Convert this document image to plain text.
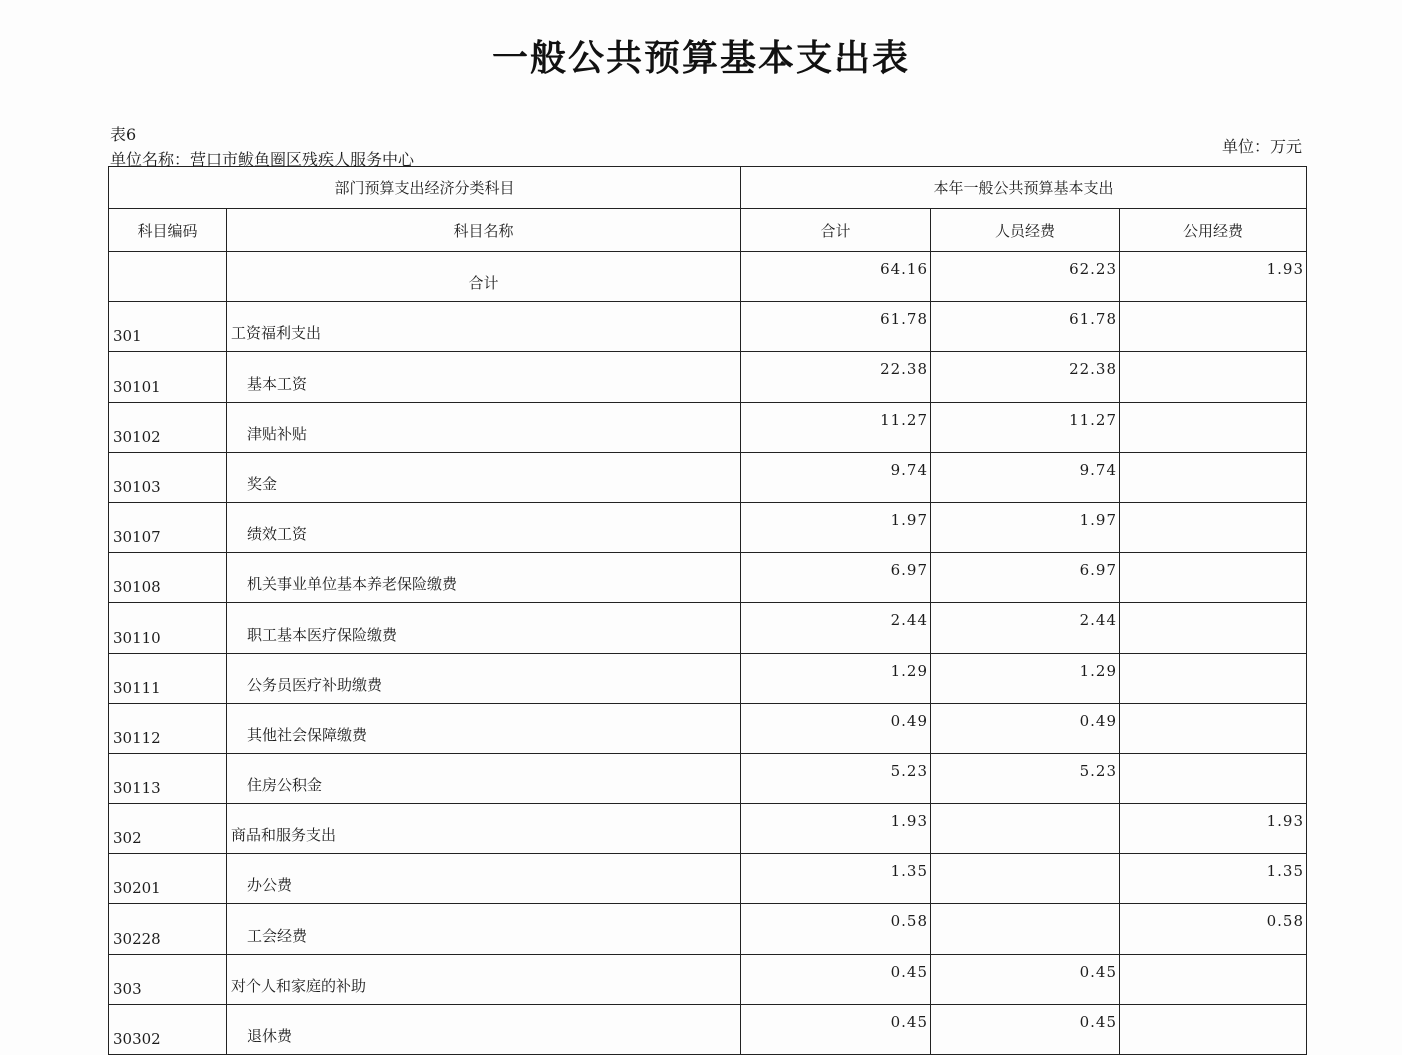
一般公共预算基本支出表
表6
单位名称：营口市鲅鱼圈区残疾人服务中心
单位：万元
部门预算支出经济分类科目		本年一般公共预算基本支出		
科目编码	科目名称	合计	人员经费	公用经费
	合计	64.16	62.23	1.93
301	工资福利支出	61.78	61.78	
30101	基本工资	22.38	22.38	
30102	津贴补贴	11.27	11.27	
30103	奖金	9.74	9.74	
30107	绩效工资	1.97	1.97	
30108	机关事业单位基本养老保险缴费	6.97	6.97	
30110	职工基本医疗保险缴费	2.44	2.44	
30111	公务员医疗补助缴费	1.29	1.29	
30112	其他社会保障缴费	0.49	0.49	
30113	住房公积金	5.23	5.23	
302	商品和服务支出	1.93		1.93
30201	办公费	1.35		1.35
30228	工会经费	0.58		0.58
303	对个人和家庭的补助	0.45	0.45	
30302	退休费	0.45	0.45	
